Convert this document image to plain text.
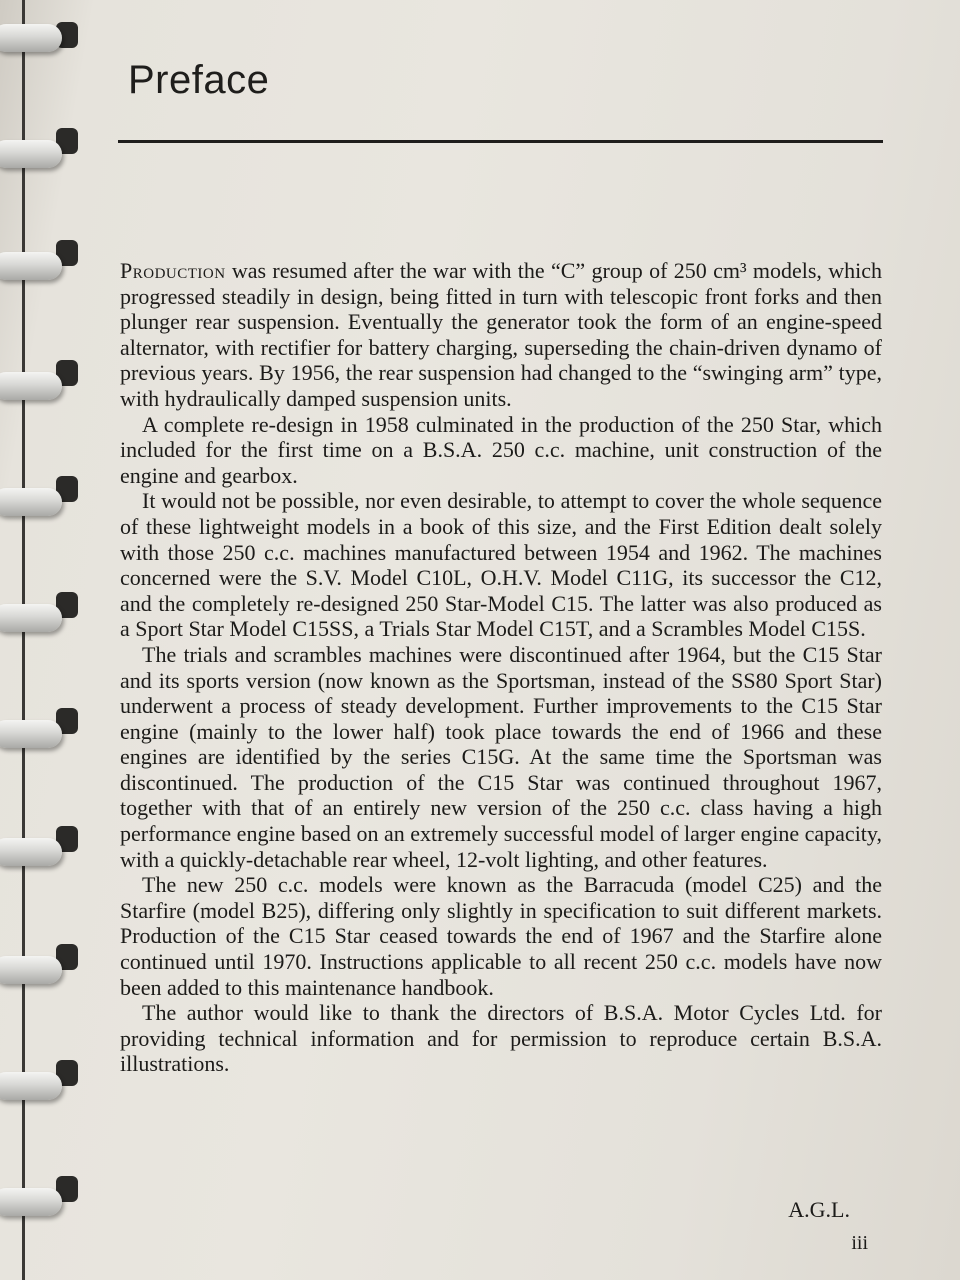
Preface

Production was resumed after the war with the “C” group of 250 cm³ models, which progressed steadily in design, being fitted in turn with telescopic front forks and then plunger rear suspension. Eventually the generator took the form of an engine-speed alternator, with rectifier for battery charging, superseding the chain-driven dynamo of previous years. By 1956, the rear suspension had changed to the “swinging arm” type, with hydraulically damped suspension units.

A complete re-design in 1958 culminated in the production of the 250 Star, which included for the first time on a B.S.A. 250 c.c. machine, unit construction of the engine and gearbox.

It would not be possible, nor even desirable, to attempt to cover the whole sequence of these lightweight models in a book of this size, and the First Edition dealt solely with those 250 c.c. machines manufactured between 1954 and 1962. The machines concerned were the S.V. Model C10L, O.H.V. Model C11G, its successor the C12, and the completely re-designed 250 Star-Model C15. The latter was also produced as a Sport Star Model C15SS, a Trials Star Model C15T, and a Scrambles Model C15S.

The trials and scrambles machines were discontinued after 1964, but the C15 Star and its sports version (now known as the Sportsman, instead of the SS80 Sport Star) underwent a process of steady development. Further improvements to the C15 Star engine (mainly to the lower half) took place towards the end of 1966 and these engines are identified by the series C15G. At the same time the Sportsman was discontinued. The production of the C15 Star was continued throughout 1967, together with that of an entirely new version of the 250 c.c. class having a high performance engine based on an extremely successful model of larger engine capacity, with a quickly-detachable rear wheel, 12-volt lighting, and other features.

The new 250 c.c. models were known as the Barracuda (model C25) and the Starfire (model B25), differing only slightly in specification to suit different markets. Production of the C15 Star ceased towards the end of 1967 and the Starfire alone continued until 1970. Instructions applicable to all recent 250 c.c. models have now been added to this maintenance handbook.

The author would like to thank the directors of B.S.A. Motor Cycles Ltd. for providing technical information and for permission to reproduce certain B.S.A. illustrations.

A.G.L.
iii
